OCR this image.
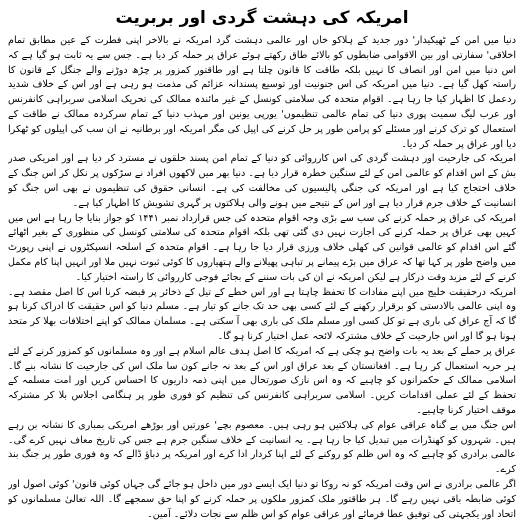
امریکہ کی دہشت گردی اور بربریت

دنیا میں امن کے ٹھیکیدار' دور جدید کے ہلاکو خاں اور عالمی دہشت گرد امریکہ نے بالاخر اپنی فطرت کے عین مطابق تمام اخلاقی' سفارتی اور بین الاقوامی ضابطوں کو بالائے طاق رکھتے ہوئے عراق پر حملہ کر دیا ہے۔ جس سے یہ ثابت ہو گیا ہے کہ اس دنیا میں امن اور انصاف کا نہیں بلکہ طاقت کا قانون چلتا ہے اور طاقتور کمزور پر چڑھ دوڑنے والے جنگل کے قانون کا راستہ کھل گیا ہے۔ دنیا میں امریکہ کی اس جنونیت اور توسیع پسندانہ عزائم کی مذمت ہو رہی ہے اور اس کے خلاف شدید ردعمل کا اظہار کیا جا رہا ہے۔ اقوام متحدہ کی سلامتی کونسل کے غیر مائندہ ممالک کی تحریک اسلامی سربراہی کانفرنس اور عرب لیگ سمیت پوری دنیا کی تمام عالمی تنظیموں' یورپی یونین اور مہذب دنیا کے تمام سرکردہ ممالک نے طاقت کے استعمال کو ترک کرنے اور مسئلے کو پرامن طور پر حل کرنے کی اپیل کی مگر امریکہ اور برطانیہ نے ان سب کی اپیلوں کو ٹھکرا دیا اور عراق پر حملہ کر دیا۔

امریکہ کی جارحیت اور دہشت گردی کی اس کارروائی کو دنیا کے تمام امن پسند حلقوں نے مسترد کر دیا ہے اور امریکی صدر بش کے اس اقدام کو عالمی امن کے لئے سنگین خطرہ قرار دیا ہے۔ دنیا بھر میں لاکھوں افراد نے سڑکوں پر نکل کر اس جنگ کے خلاف احتجاج کیا ہے اور امریکہ کی جنگی پالیسیوں کی مخالفت کی ہے۔ انسانی حقوق کی تنظیموں نے بھی اس جنگ کو انسانیت کے خلاف جرم قرار دیا ہے اور اس کے نتیجے میں ہونے والی ہلاکتوں پر گہری تشویش کا اظہار کیا ہے۔

امریکہ کی عراق پر حملہ کرنے کی سب سے بڑی وجہ اقوام متحدہ کی جس قرارداد نمبر ۱۴۴۱ کو جواز بنایا جا رہا ہے اس میں کہیں بھی عراق پر حملہ کرنے کی اجازت نہیں دی گئی تھی بلکہ اقوام متحدہ کی سلامتی کونسل کی منظوری کے بغیر اٹھائے گئے اس اقدام کو عالمی قوانین کی کھلی خلاف ورزی قرار دیا جا رہا ہے۔ اقوام متحدہ کے اسلحہ انسپکٹروں نے اپنی رپورٹ میں واضح طور پر کہا تھا کہ عراق میں بڑے پیمانے پر تباہی پھیلانے والے ہتھیاروں کا کوئی ثبوت نہیں ملا اور انہیں اپنا کام مکمل کرنے کے لئے مزید وقت درکار ہے لیکن امریکہ نے ان کی بات سننے کے بجائے فوجی کارروائی کا راستہ اختیار کیا۔

امریکہ درحقیقت خلیج میں اپنے مفادات کا تحفظ چاہتا ہے اور اس خطے کے تیل کے ذخائر پر قبضہ کرنا اس کا اصل مقصد ہے۔ وہ اپنی عالمی بالادستی کو برقرار رکھنے کے لئے کسی بھی حد تک جانے کو تیار ہے۔ مسلم دنیا کو اس حقیقت کا ادراک کرنا ہو گا کہ آج عراق کی باری ہے تو کل کسی اور مسلم ملک کی باری بھی آ سکتی ہے۔ مسلمان ممالک کو اپنے اختلافات بھلا کر متحد ہونا ہو گا اور اس جارحیت کے خلاف مشترکہ لائحہ عمل اختیار کرنا ہو گا۔

عراق پر حملے کے بعد یہ بات واضح ہو چکی ہے کہ امریکہ کا اصل ہدف عالم اسلام ہے اور وہ مسلمانوں کو کمزور کرنے کے لئے ہر حربہ استعمال کر رہا ہے۔ افغانستان کے بعد عراق اور اس کے بعد نہ جانے کون سا ملک اس کی جارحیت کا نشانہ بنے گا۔ اسلامی ممالک کے حکمرانوں کو چاہیے کہ وہ اس نازک صورتحال میں اپنی ذمہ داریوں کا احساس کریں اور امت مسلمہ کے تحفظ کے لئے عملی اقدامات کریں۔ اسلامی سربراہی کانفرنس کی تنظیم کو فوری طور پر ہنگامی اجلاس بلا کر مشترکہ موقف اختیار کرنا چاہیے۔

اس جنگ میں بے گناہ عراقی عوام کی ہلاکتیں ہو رہی ہیں۔ معصوم بچے' عورتیں اور بوڑھے امریکی بمباری کا نشانہ بن رہے ہیں۔ شہروں کو کھنڈرات میں تبدیل کیا جا رہا ہے۔ یہ انسانیت کے خلاف سنگین جرم ہے جس کی تاریخ معاف نہیں کرے گی۔ عالمی برادری کو چاہیے کہ وہ اس ظلم کو روکنے کے لئے اپنا کردار ادا کرے اور امریکہ پر دباؤ ڈالے کہ وہ فوری طور پر جنگ بند کرے۔

اگر عالمی برادری نے اس وقت امریکہ کو نہ روکا تو دنیا ایک ایسے دور میں داخل ہو جائے گی جہاں کوئی قانون' کوئی اصول اور کوئی ضابطہ باقی نہیں رہے گا۔ ہر طاقتور ملک کمزور ملکوں پر حملہ کرنے کو اپنا حق سمجھے گا۔ اللہ تعالیٰ مسلمانوں کو اتحاد اور یکجہتی کی توفیق عطا فرمائے اور عراقی عوام کو اس ظلم سے نجات دلائے۔ آمین۔
